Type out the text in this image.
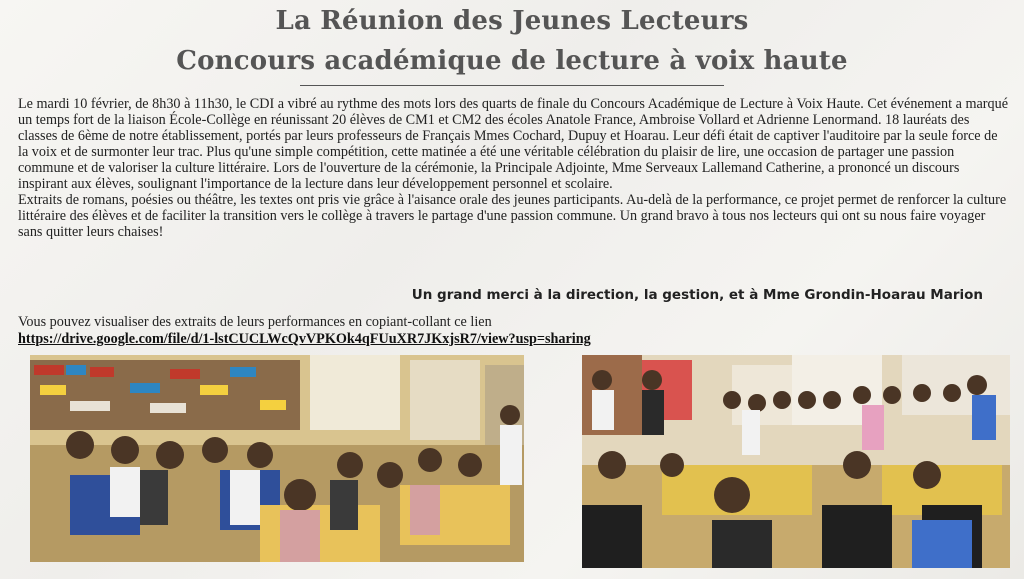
La Réunion des Jeunes Lecteurs
Concours académique de lecture à voix haute

Le mardi 10 février, de 8h30 à 11h30, le CDI a vibré au rythme des mots lors des quarts de finale du Concours Académique de Lecture à Voix Haute. Cet événement a marqué un temps fort de la liaison École-Collège en réunissant 20 élèves de CM1 et CM2 des écoles Anatole France, Ambroise Vollard et Adrienne Lenormand. 18 lauréats des classes de 6ème de notre établissement, portés par leurs professeurs de Français Mmes Cochard, Dupuy et Hoarau. Leur défi était de captiver l'auditoire par la seule force de la voix et de surmonter leur trac. Plus qu'une simple compétition, cette matinée a été une véritable célébration du plaisir de lire, une occasion de partager une passion commune et de valoriser la culture littéraire. Lors de l'ouverture de la cérémonie, la Principale Adjointe, Mme Serveaux Lallemand Catherine, a prononcé un discours inspirant aux élèves, soulignant l'importance de la lecture dans leur développement personnel et scolaire.

Extraits de romans, poésies ou théâtre, les textes ont pris vie grâce à l'aisance orale des jeunes participants. Au-delà de la performance, ce projet permet de renforcer la culture littéraire des élèves et de faciliter la transition vers le collège à travers le partage d'une passion commune. Un grand bravo à tous nos lecteurs qui ont su nous faire voyager sans quitter leurs chaises!

Un grand merci à la direction, la gestion, et à Mme Grondin-Hoarau Marion
Vous pouvez visualiser des extraits de leurs performances en copiant-collant ce lien
https://drive.google.com/file/d/1-lstCUCLWcQvVPKOk4qFUuXR7JKxjsR7/view?usp=sharing
